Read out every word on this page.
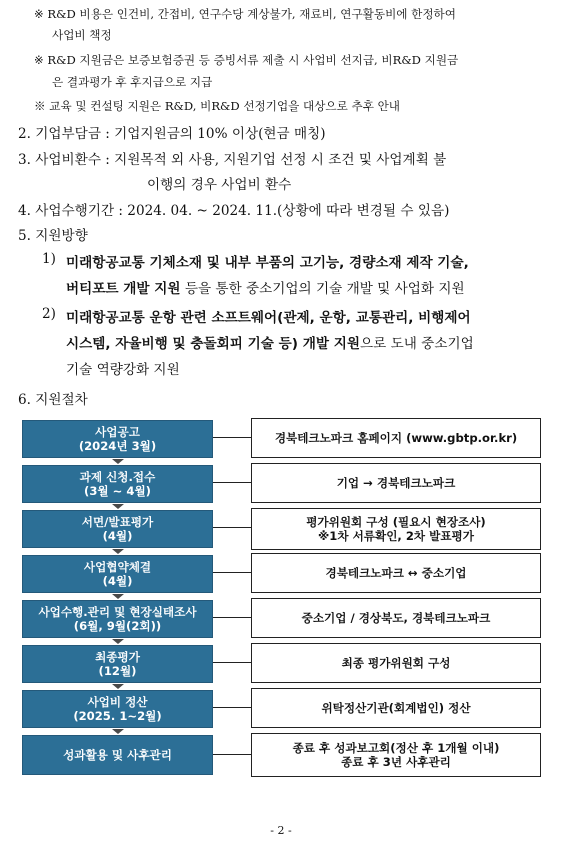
※ R&D 비용은 인건비, 간접비, 연구수당 계상불가, 재료비, 연구활동비에 한정하여
사업비 책정
※ R&D 지원금은 보증보험증권 등 증빙서류 제출 시 사업비 선지급, 비R&D 지원금
은 결과평가 후 후지급으로 지급
※ 교육 및 컨설팅 지원은 R&D, 비R&D 선정기업을 대상으로 추후 안내
2. 기업부담금 : 기업지원금의 10% 이상(현금 매칭)
3. 사업비환수 : 지원목적 외 사용, 지원기업 선정 시 조건 및 사업계획 불
이행의 경우 사업비 환수
4. 사업수행기간 : 2024. 04. ~ 2024. 11.(상황에 따라 변경될 수 있음)
5. 지원방향
1) 미래항공교통 기체소재 및 내부 부품의 고기능, 경량소재 제작 기술,
버티포트 개발 지원 등을 통한 중소기업의 기술 개발 및 사업화 지원
2) 미래항공교통 운항 관련 소프트웨어(관제, 운항, 교통관리, 비행제어
시스템, 자율비행 및 충돌회피 기술 등) 개발 지원으로 도내 중소기업
기술 역량강화 지원
6. 지원절차
사업공고
(2024년 3월)
경북테크노파크 홈페이지 (www.gbtp.or.kr)
과제 신청.접수
(3월 ~ 4월)
기업 → 경북테크노파크
서면/발표평가
(4월)
평가위원회 구성 (필요시 현장조사)
※1차 서류확인, 2차 발표평가
사업협약체결
(4월)
경북테크노파크 ↔ 중소기업
사업수행.관리 및 현장실태조사
(6월, 9월(2회))
중소기업 / 경상북도, 경북테크노파크
최종평가
(12월)
최종 평가위원회 구성
사업비 정산
(2025. 1~2월)
위탁정산기관(회계법인) 정산
성과활용 및 사후관리	종료 후 성과보고회(정산 후 1개월 이내)
종료 후 3년 사후관리
- 2 -
